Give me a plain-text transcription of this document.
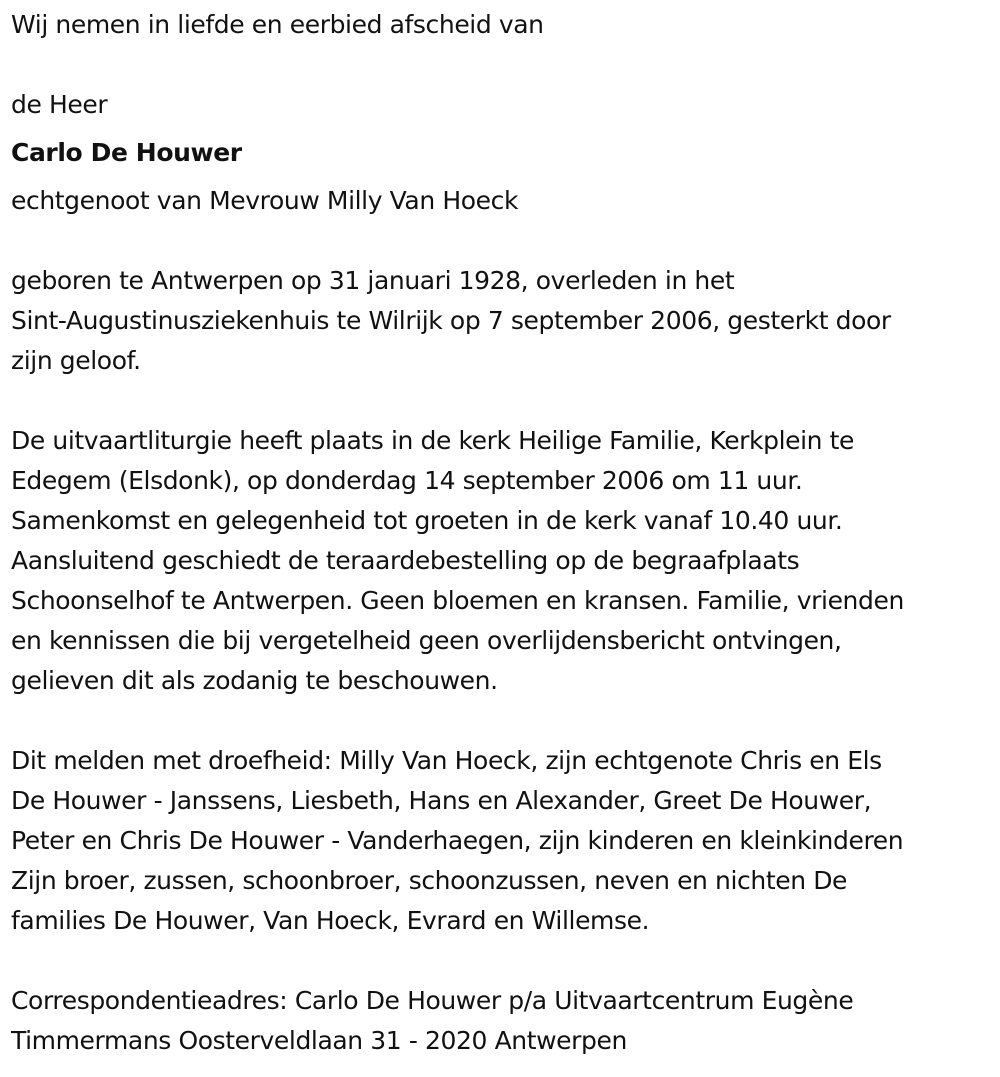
Wij nemen in liefde en eerbied afscheid van
de Heer
Carlo De Houwer
echtgenoot van Mevrouw Milly Van Hoeck
geboren te Antwerpen op 31 januari 1928, overleden in het
Sint-Augustinusziekenhuis te Wilrijk op 7 september 2006, gesterkt door
zijn geloof.
De uitvaartliturgie heeft plaats in de kerk Heilige Familie, Kerkplein te
Edegem (Elsdonk), op donderdag 14 september 2006 om 11 uur.
Samenkomst en gelegenheid tot groeten in de kerk vanaf 10.40 uur.
Aansluitend geschiedt de teraardebestelling op de begraafplaats
Schoonselhof te Antwerpen. Geen bloemen en kransen. Familie, vrienden
en kennissen die bij vergetelheid geen overlijdensbericht ontvingen,
gelieven dit als zodanig te beschouwen.
Dit melden met droefheid: Milly Van Hoeck, zijn echtgenote Chris en Els
De Houwer - Janssens, Liesbeth, Hans en Alexander, Greet De Houwer,
Peter en Chris De Houwer - Vanderhaegen, zijn kinderen en kleinkinderen
Zijn broer, zussen, schoonbroer, schoonzussen, neven en nichten De
families De Houwer, Van Hoeck, Evrard en Willemse.
Correspondentieadres: Carlo De Houwer p/a Uitvaartcentrum Eugène
Timmermans Oosterveldlaan 31 - 2020 Antwerpen
